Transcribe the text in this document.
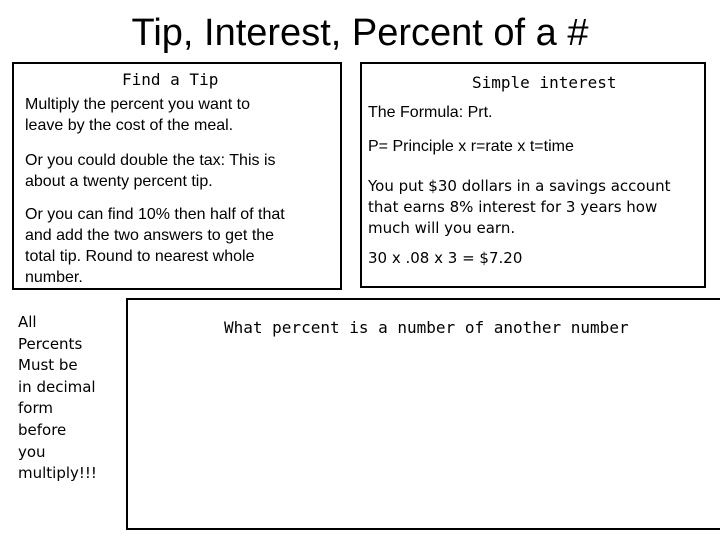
Tip, Interest, Percent of a #
Find a Tip
Multiply the percent you want to
leave by the cost of the meal.
Or you could double the tax: This is
about a twenty percent tip.
Or you can find 10% then half of that
and add the two answers to get the
total tip. Round to nearest whole
number.
Simple interest
The Formula: Prt.
P= Principle x r=rate x t=time
You put $30 dollars in a savings account
that earns 8% interest for 3 years how
much will you earn.
30 x .08 x 3 = $7.20
All
Percents
Must be
in decimal
form
before
you
multiply!!!
What percent is a number of another number
